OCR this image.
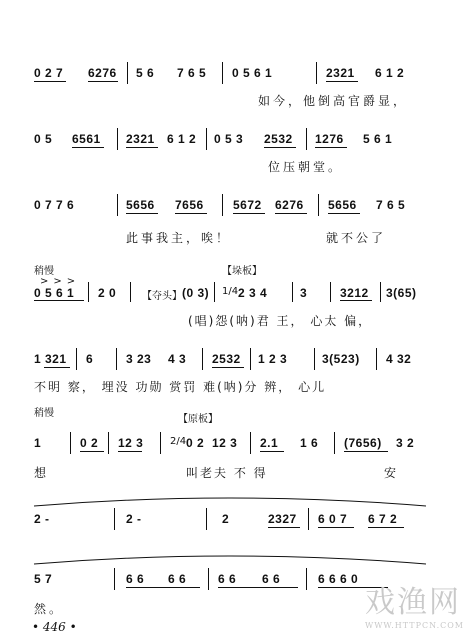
0 2 7 6276 5 6 7 6 5 0 5 6 1	2321 6 1 2
如今，他倒高官爵显，
0 5 6561 2321 6 1 2 0 5 3 2532 1276 5 6 1
位压朝堂。
0 7 7 6	5656 7656 5672 6276 5656 7 6 5
此事我主，唉！	就不公了
稍慢	【垛板】
>>>
0 5 6 1 2 0	【夺头】 (0 3) 1/4 2 3 4	3	3212 3(65)
(唱)怨(呐)君 王， 心太 偏，
1 321 6	3 23 4 3 2532 1 2 3	3(523) 4 32
不明 察， 埋没 功勋 赏罚 难(呐)分 辨， 心儿
稍慢
【原板】
1	0 2 12 3	2/4 0 2 12 3 2.1 1 6 (7656) 3 2
想	叫老夫 不 得	安
2 -	2 -	2	2327 6 0 7 6 7 2
5 7	6 6 6 6	6 6 6 6	6 6 6 0
然。
• 446 •
戏渔网
WWW.HTTPCN.COM
